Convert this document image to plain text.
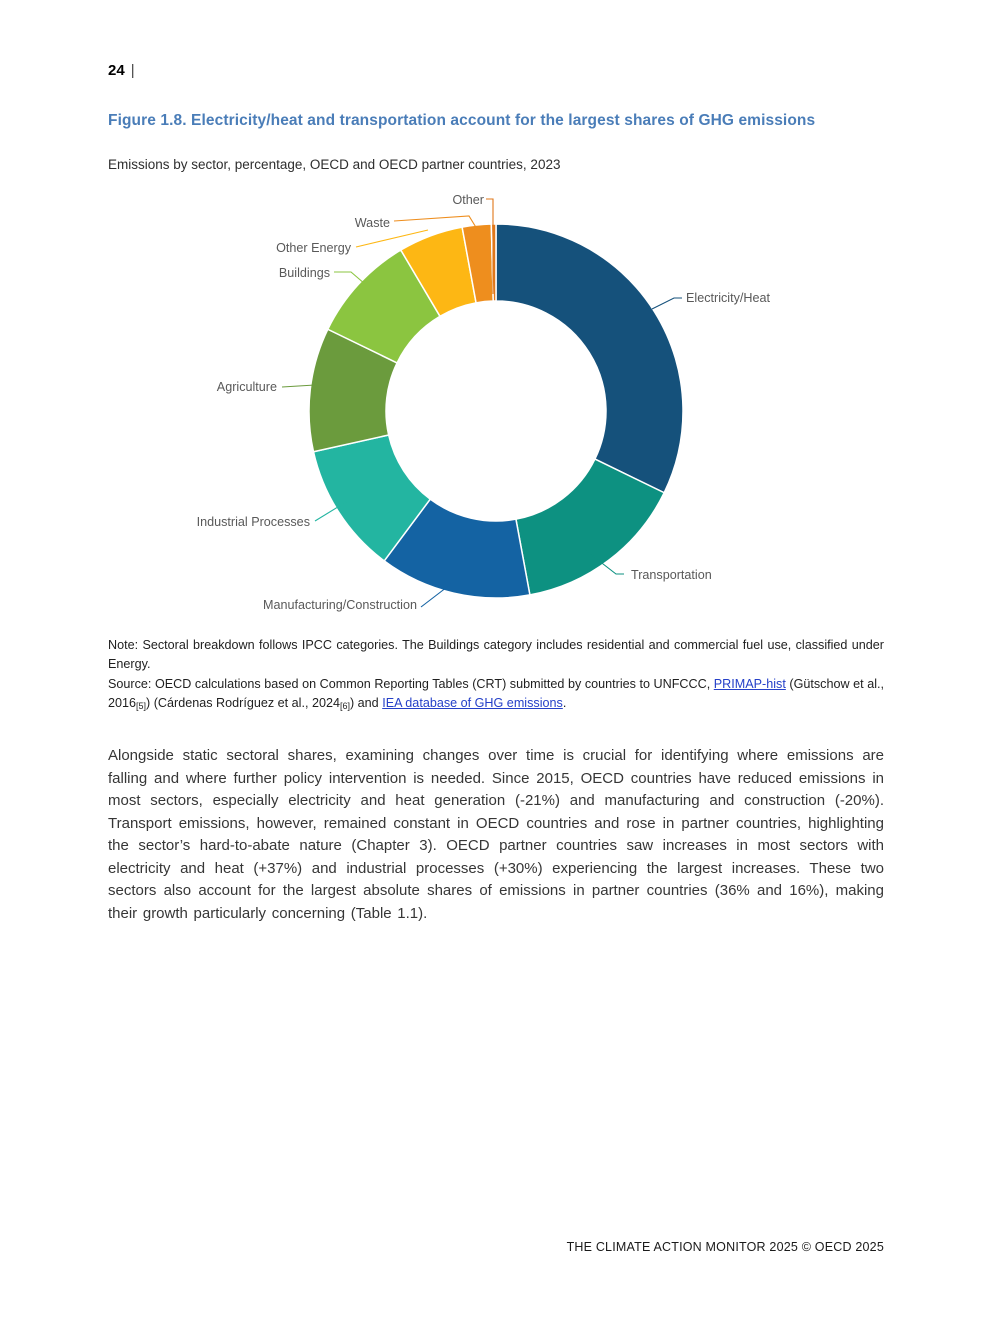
24 |
Figure 1.8. Electricity/heat and transportation account for the largest shares of GHG emissions
Emissions by sector, percentage, OECD and OECD partner countries, 2023
Electricity/Heat
Transportation
Manufacturing/Construction
Industrial Processes
Agriculture
Buildings
Other Energy
Waste
Other

Note: Sectoral breakdown follows IPCC categories. The Buildings category includes residential and commercial fuel use, classified under Energy.

Source: OECD calculations based on Common Reporting Tables (CRT) submitted by countries to UNFCCC, PRIMAP-hist (Gütschow et al., 2016[5]) (Cárdenas Rodríguez et al., 2024[6]) and IEA database of GHG emissions.

Alongside static sectoral shares, examining changes over time is crucial for identifying where emissions are falling and where further policy intervention is needed. Since 2015, OECD countries have reduced emissions in most sectors, especially electricity and heat generation (-21%) and manufacturing and construction (-20%). Transport emissions, however, remained constant in OECD countries and rose in partner countries, highlighting the sector’s hard-to-abate nature (Chapter 3). OECD partner countries saw increases in most sectors with electricity and heat (+37%) and industrial processes (+30%) experiencing the largest increases. These two sectors also account for the largest absolute shares of emissions in partner countries (36% and 16%), making their growth particularly concerning (Table 1.1).
THE CLIMATE ACTION MONITOR 2025 © OECD 2025
